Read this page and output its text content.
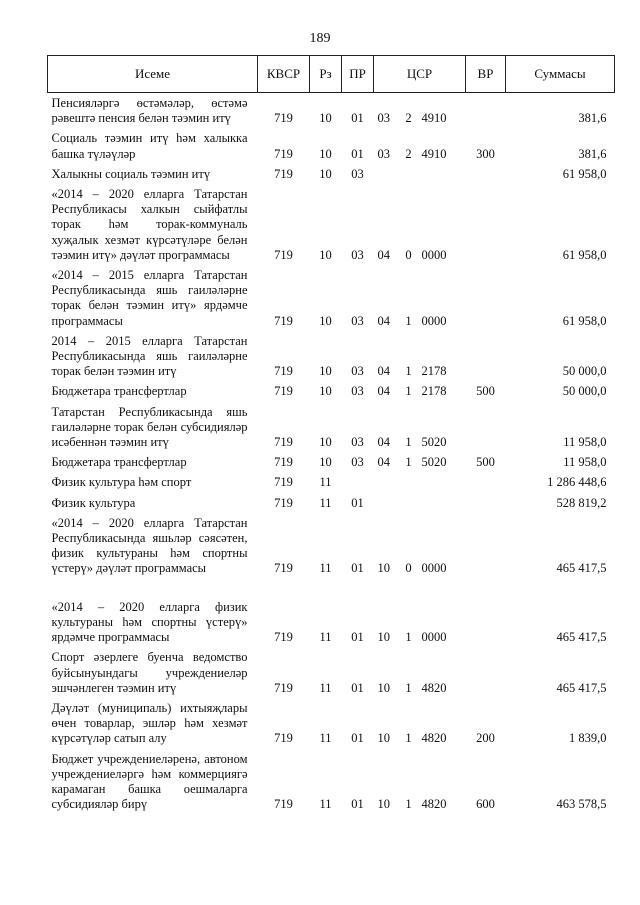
189
Исеме	КВСР	Рз	ПР	ЦСР			ВР	Суммасы
Пенсияләргә өстәмәләр, өстәмә рәвештә пенсия белән тәэмин итү	719	10	01	03	2	4910		381,6
Социаль тәэмин итү һәм халыкка башка түләүләр	719	10	01	03	2	4910	300	381,6
Халыкны социаль тәэмин итү	719	10	03					61 958,0
«2014 – 2020 елларга Татарстан Республикасы халкын сыйфатлы торак һәм торак-коммуналь хуҗалык хезмәт күрсәтүләре белән тәэмин итү» дәүләт программасы	719	10	03	04	0	0000		61 958,0
«2014 – 2015 елларга Татарстан Республикасында яшь гаиләләрне торак белән тәэмин итү» ярдәмче программасы	719	10	03	04	1	0000		61 958,0
2014 – 2015 елларга Татарстан Республикасында яшь гаиләләрне торак белән тәэмин итү	719	10	03	04	1	2178		50 000,0
Бюджетара трансфертлар	719	10	03	04	1	2178	500	50 000,0
Татарстан Республикасында яшь гаиләләрне торак белән субсидияләр исәбеннән тәэмин итү	719	10	03	04	1	5020		11 958,0
Бюджетара трансфертлар	719	10	03	04	1	5020	500	11 958,0
Физик культура һәм спорт	719	11						1 286 448,6
Физик культура	719	11	01					528 819,2
«2014 – 2020 елларга Татарстан Республикасында яшьләр сәясәтен, физик культураны һәм спортны үстерү» дәүләт программасы	719	11	01	10	0	0000		465 417,5

«2014 – 2020 елларга физик культураны һәм спортны үстерү» ярдәмче программасы	719	11	01	10	1	0000		465 417,5
Спорт әзерлеге буенча ведомство буйсынуындагы учреждениеләр эшчәнлеген тәэмин итү	719	11	01	10	1	4820		465 417,5
Дәүләт (муниципаль) ихтыяҗлары өчен товарлар, эшләр һәм хезмәт күрсәтүләр сатып алу	719	11	01	10	1	4820	200	1 839,0
Бюджет учреждениеләренә, автоном учреждениеләргә һәм коммерциягә карамаган башка оешмаларга субсидияләр бирү	719	11	01	10	1	4820	600	463 578,5
